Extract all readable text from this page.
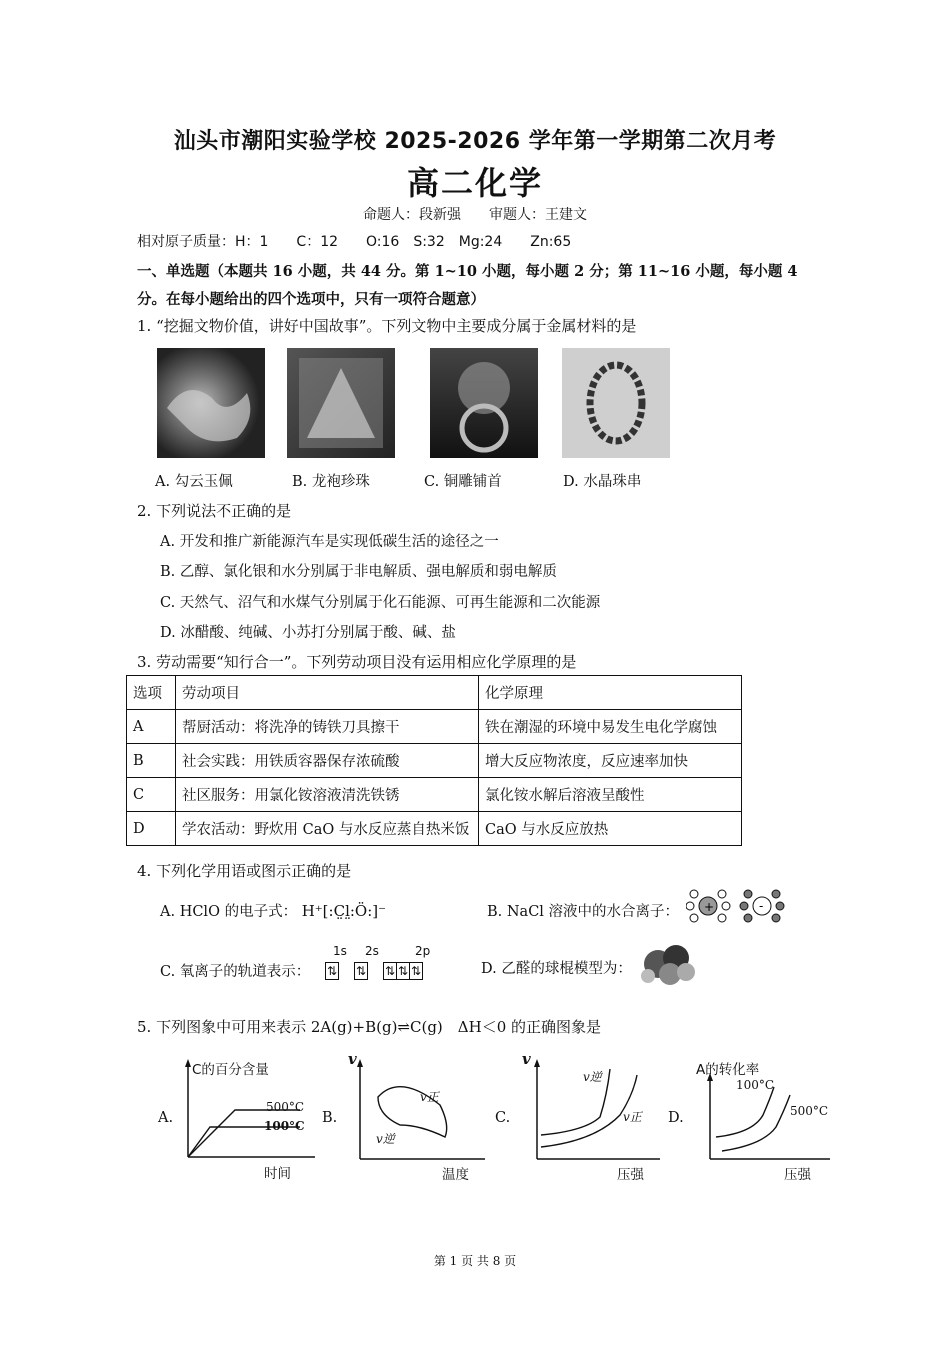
汕头市潮阳实验学校 2025-2026 学年第一学期第二次月考
高二化学
命题人：段新强　　审题人：王建文
相对原子质量：H：1　　C：12　　O:16　S:32　Mg:24　　Zn:65
一、单选题（本题共 16 小题，共 44 分。第 1~10 小题，每小题 2 分；第 11~16 小题，每小题 4 分。在每小题给出的四个选项中，只有一项符合题意）
1. “挖掘文物价值，讲好中国故事”。下列文物中主要成分属于金属材料的是
A. 勾云玉佩	B. 龙袍珍珠	C. 铜雕铺首	D. 水晶珠串
2. 下列说法不正确的是
A. 开发和推广新能源汽车是实现低碳生活的途径之一
B. 乙醇、氯化银和水分别属于非电解质、强电解质和弱电解质
C. 天然气、沼气和水煤气分别属于化石能源、可再生能源和二次能源
D. 冰醋酸、纯碱、小苏打分别属于酸、碱、盐
3. 劳动需要“知行合一”。下列劳动项目没有运用相应化学原理的是
选项	劳动项目	化学原理
A	帮厨活动：将洗净的铸铁刀具擦干	铁在潮湿的环境中易发生电化学腐蚀
B	社会实践：用铁质容器保存浓硫酸	增大反应物浓度，反应速率加快
C	社区服务：用氯化铵溶液清洗铁锈	氯化铵水解后溶液呈酸性
D	学农活动：野炊用 CaO 与水反应蒸自热米饭	CaO 与水反应放热
4. 下列化学用语或图示正确的是
A. HClO 的电子式： H⁺[:C̤l̤:Ö:]⁻	B. NaCl 溶液中的水合离子： +	-
C. 氧离子的轨道表示：
1s 2s	2p
⇅ ⇅ ⇅ ⇅ ⇅	D. 乙醛的球棍模型为：
5. 下列图象中可用来表示 2A(g)+B(g)⇌C(g)　ΔH＜0 的正确图象是
A.
C的百分含量
500°C
100°C
时间
B.
v
v正
v逆
温度
C.
v
v逆
v正
压强
D.
A的转化率
100°C
500°C
压强
第 1 页 共 8 页
